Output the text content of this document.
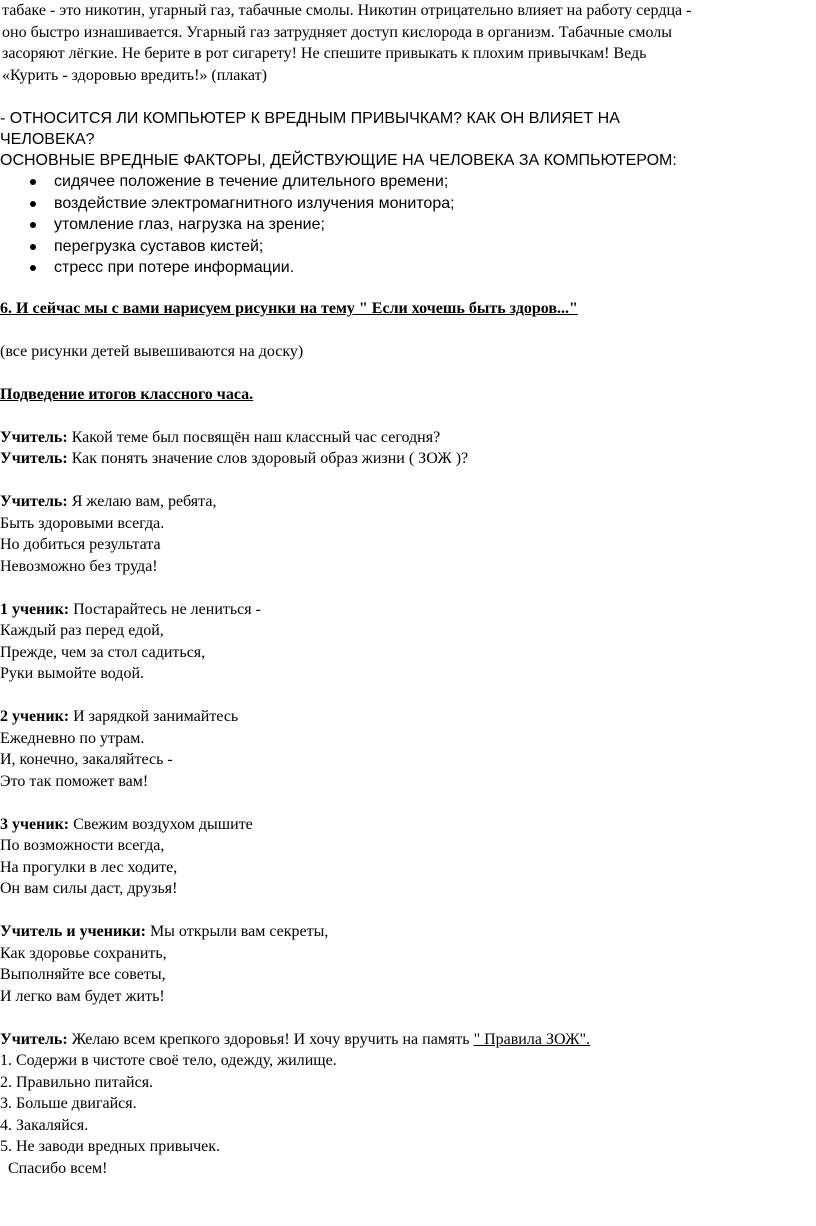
табаке - это никотин, угарный газ, табачные смолы. Никотин отрицательно влияет на работу сердца -
оно быстро изнашивается. Угарный газ затрудняет доступ кислорода в организм. Табачные смолы
засоряют лёгкие. Не берите в рот сигарету! Не спешите привыкать к плохим привычкам! Ведь
«Курить - здоровью вредить!» (плакат)

- ОТНОСИТСЯ ЛИ КОМПЬЮТЕР К ВРЕДНЫМ ПРИВЫЧКАМ? КАК ОН ВЛИЯЕТ НА

ЧЕЛОВЕКА?

ОСНОВНЫЕ ВРЕДНЫЕ ФАКТОРЫ, ДЕЙСТВУЮЩИЕ НА ЧЕЛОВЕКА ЗА КОМПЬЮТЕРОМ:

сидячее положение в течение длительного времени;
воздействие электромагнитного излучения монитора;
утомление глаз, нагрузка на зрение;
перегрузка суставов кистей;
стресс при потере информации.

6. И сейчас мы с вами нарисуем рисунки на тему " Если хочешь быть здоров..."

(все рисунки детей вывешиваются на доску)

Подведение итогов классного часа.

Учитель: Какой теме был посвящён наш классный час сегодня?

Учитель: Как понять значение слов здоровый образ жизни ( ЗОЖ )?

Учитель: Я желаю вам, ребята,

Быть здоровыми всегда.

Но добиться результата

Невозможно без труда!

1 ученик: Постарайтесь не лениться -

Каждый раз перед едой,

Прежде, чем за стол садиться,

Руки вымойте водой.

2 ученик: И зарядкой занимайтесь

Ежедневно по утрам.

И, конечно, закаляйтесь -

Это так поможет вам!

3 ученик: Свежим воздухом дышите

По возможности всегда,

На прогулки в лес ходите,

Он вам силы даст, друзья!

Учитель и ученики: Мы открыли вам секреты,

Как здоровье сохранить,

Выполняйте все советы,

И легко вам будет жить!

Учитель: Желаю всем крепкого здоровья! И хочу вручить на память " Правила ЗОЖ".

1. Содержи в чистоте своё тело, одежду, жилище.

2. Правильно питайся.

3. Больше двигайся.

4. Закаляйся.

5. Не заводи вредных привычек.

Спасибо всем!
